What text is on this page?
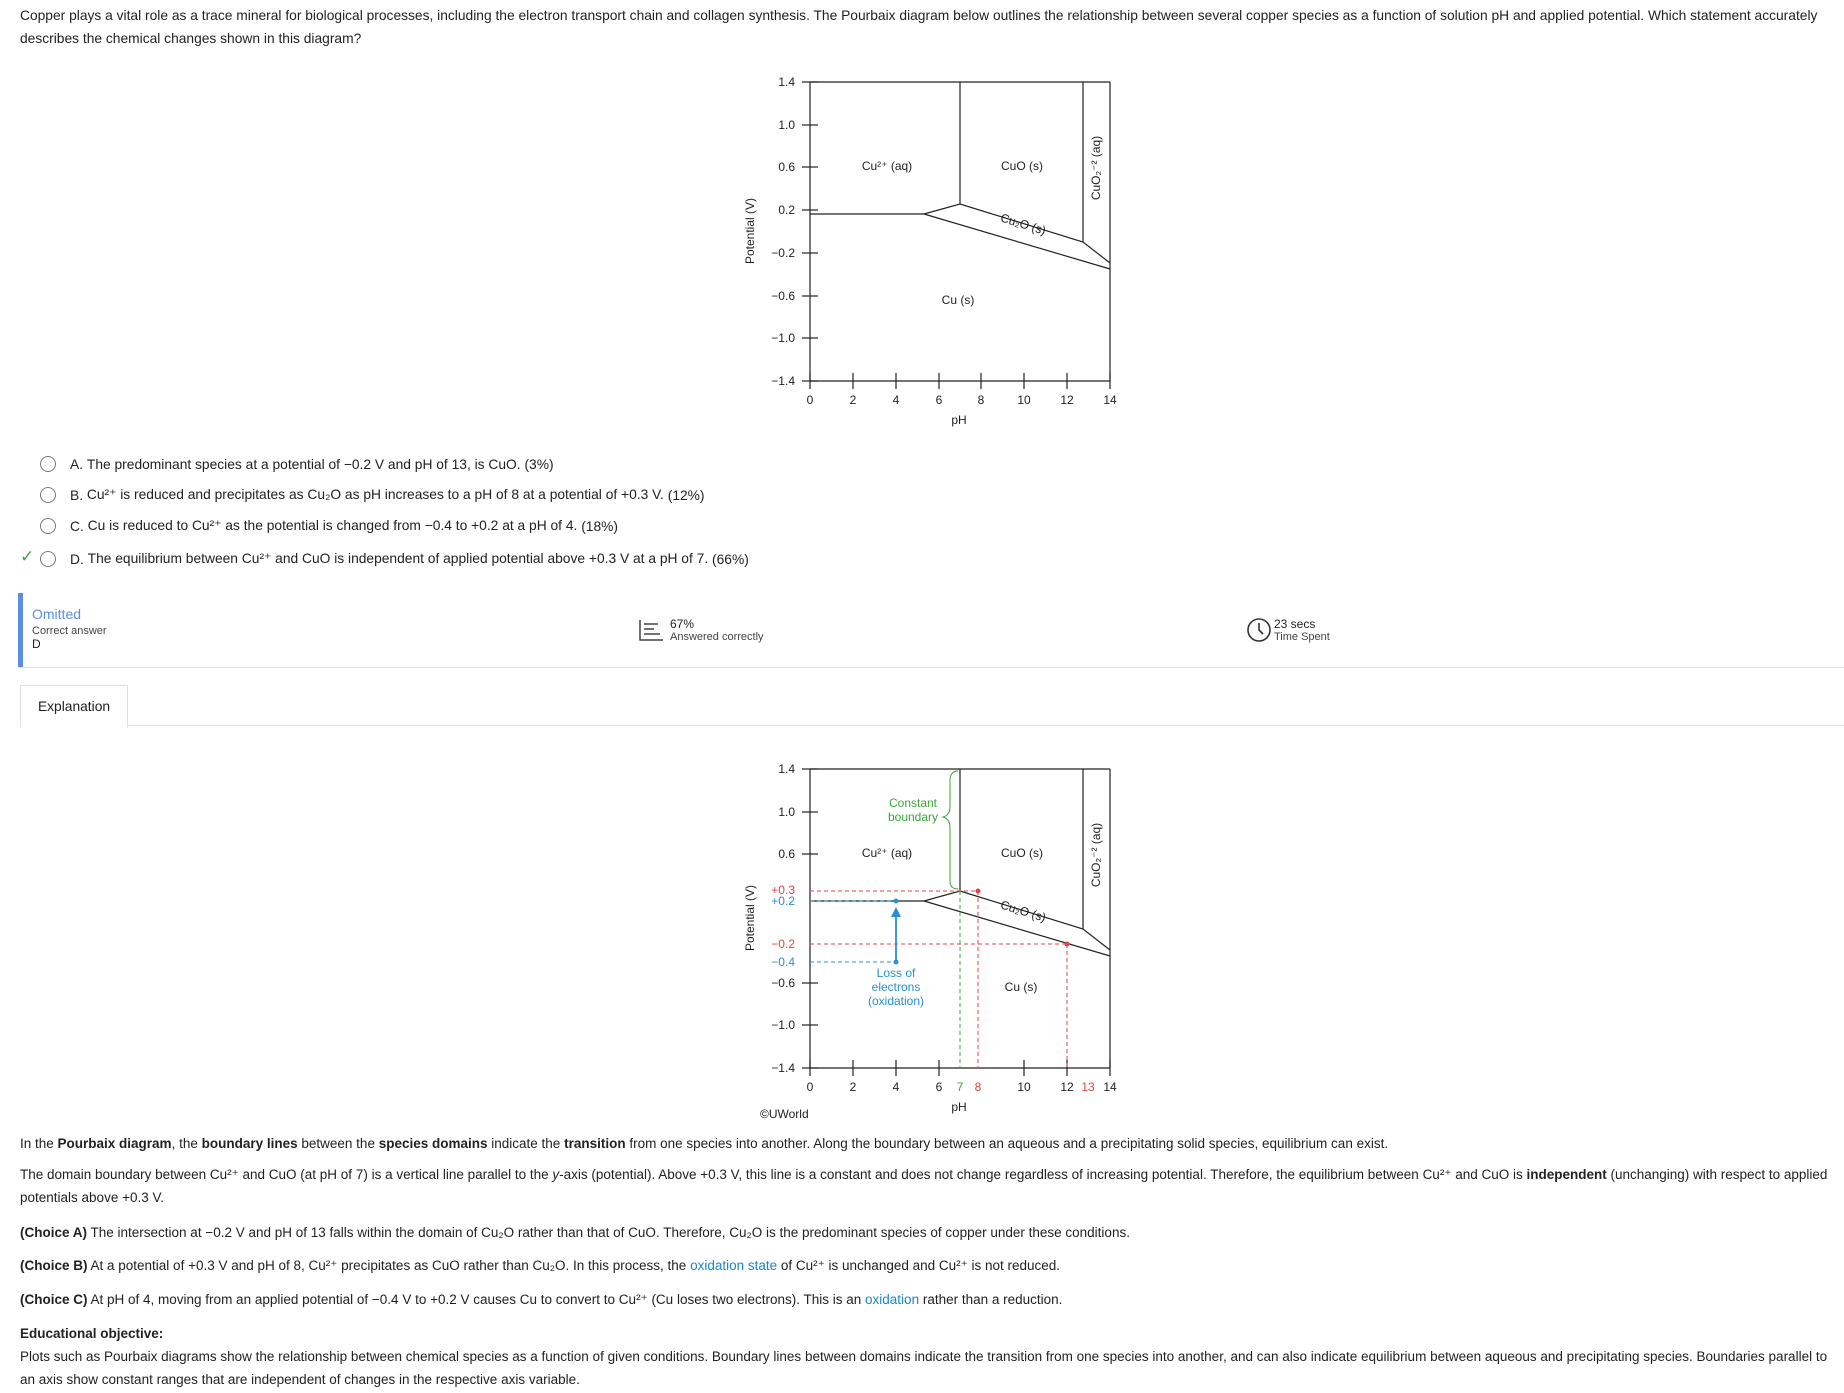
Copper plays a vital role as a trace mineral for biological processes, including the electron transport chain and collagen synthesis. The Pourbaix diagram below outlines the relationship between several copper species as a function of solution pH and applied potential. Which statement accurately describes the chemical changes shown in this diagram?
1.4
1.0
0.6
0.2
−0.2
−0.6
−1.0
−1.4
0	2	4	6	8	10 12 14
pH
Potential (V)
Cu²⁺ (aq)	CuO (s)
Cu (s)
Cu₂O (s)
CuO₂⁻² (aq)
✓
A.
The predominant species at a potential of −0.2 V and pH of 13, is CuO.
(3%)
B.
Cu²⁺ is reduced and precipitates as Cu₂O as pH increases to a pH of 8 at a potential of +0.3 V.
(12%)
C.
Cu is reduced to Cu²⁺ as the potential is changed from −0.4 to +0.2 at a pH of 4.
(18%)
D.
The equilibrium between Cu²⁺ and CuO is independent of applied potential above +0.3 V at a pH of 7.
(66%)
Omitted
Correct answer
D
67%
Answered correctly
23 secs
Time Spent
Explanation
Constant
boundary
Loss of
electrons
(oxidation)
1.4
1.0
0.6
−0.6
−1.0
−1.4
+0.3
+0.2
−0.2
−0.4
0	2	4	6	10 12 14
pH
7 8	13
Potential (V)
Cu²⁺ (aq)	CuO (s)
Cu (s)
Cu₂O (s)
CuO₂⁻² (aq)
©UWorld
In the Pourbaix diagram, the boundary lines between the species domains indicate the transition from one species into another. Along the boundary between an aqueous and a precipitating solid species, equilibrium can exist.
The domain boundary between Cu²⁺ and CuO (at pH of 7) is a vertical line parallel to the y-axis (potential). Above +0.3 V, this line is a constant and does not change regardless of increasing potential. Therefore, the equilibrium between Cu²⁺ and CuO is independent (unchanging) with respect to applied potentials above +0.3 V.
(Choice A) The intersection at −0.2 V and pH of 13 falls within the domain of Cu₂O rather than that of CuO. Therefore, Cu₂O is the predominant species of copper under these conditions.
(Choice B) At a potential of +0.3 V and pH of 8, Cu²⁺ precipitates as CuO rather than Cu₂O. In this process, the oxidation state of Cu²⁺ is unchanged and Cu²⁺ is not reduced.
(Choice C) At pH of 4, moving from an applied potential of −0.4 V to +0.2 V causes Cu to convert to Cu²⁺ (Cu loses two electrons). This is an oxidation rather than a reduction.
Educational objective:
Plots such as Pourbaix diagrams show the relationship between chemical species as a function of given conditions. Boundary lines between domains indicate the transition from one species into another, and can also indicate equilibrium between aqueous and precipitating species. Boundaries parallel to an axis show constant ranges that are independent of changes in the respective axis variable.
